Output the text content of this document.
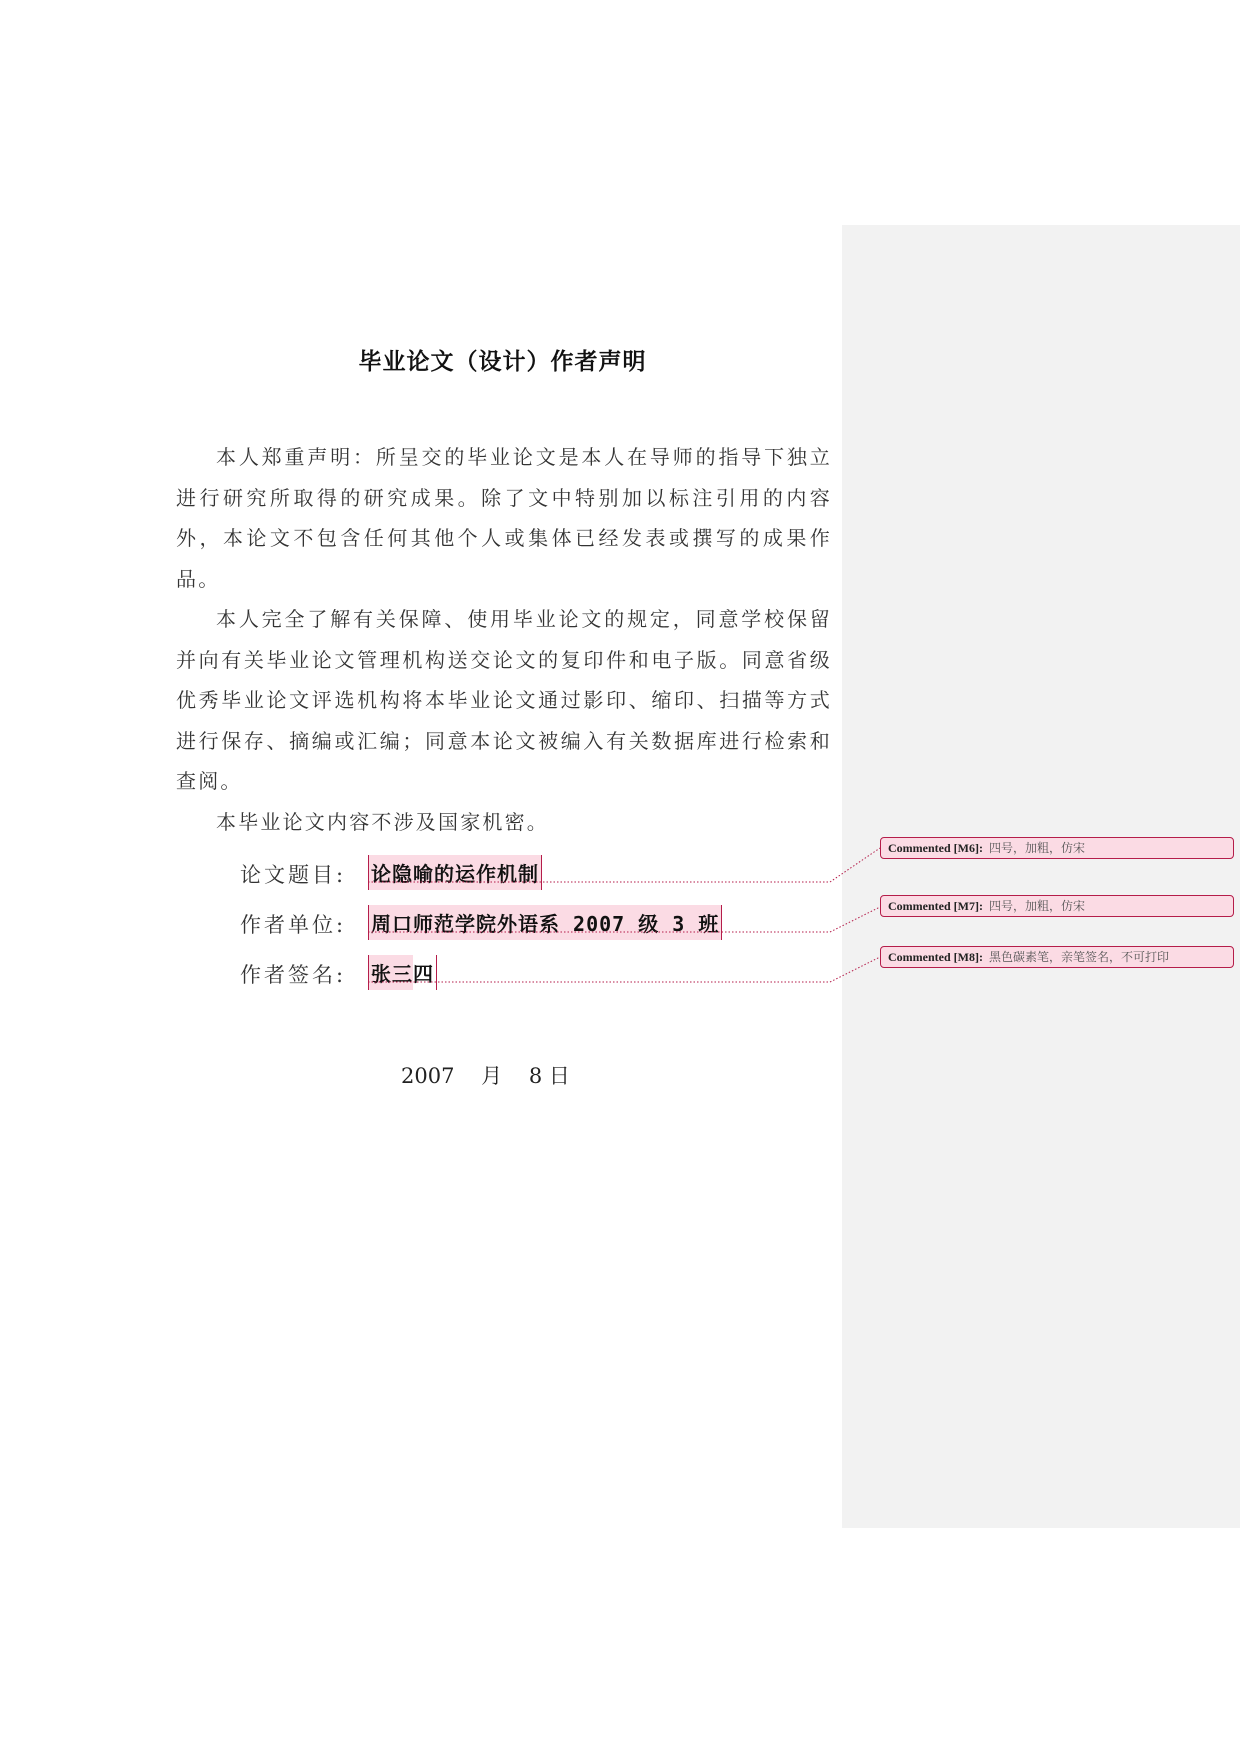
毕业论文（设计）作者声明

本人郑重声明：所呈交的毕业论文是本人在导师的指导下独立进行研究所取得的研究成果。除了文中特别加以标注引用的内容外，本论文不包含任何其他个人或集体已经发表或撰写的成果作品。

本人完全了解有关保障、使用毕业论文的规定，同意学校保留并向有关毕业论文管理机构送交论文的复印件和电子版。同意省级优秀毕业论文评选机构将本毕业论文通过影印、缩印、扫描等方式进行保存、摘编或汇编；同意本论文被编入有关数据库进行检索和查阅。

本毕业论文内容不涉及国家机密。

论文题目: 论隐喻的运作机制
作者单位: 周口师范学院外语系 2007 级 3 班
作者签名: 张三四
2007    月    8 日
Commented [M6]: 四号，加粗，仿宋
Commented [M7]: 四号，加粗，仿宋
Commented [M8]: 黑色碳素笔，亲笔签名，不可打印
